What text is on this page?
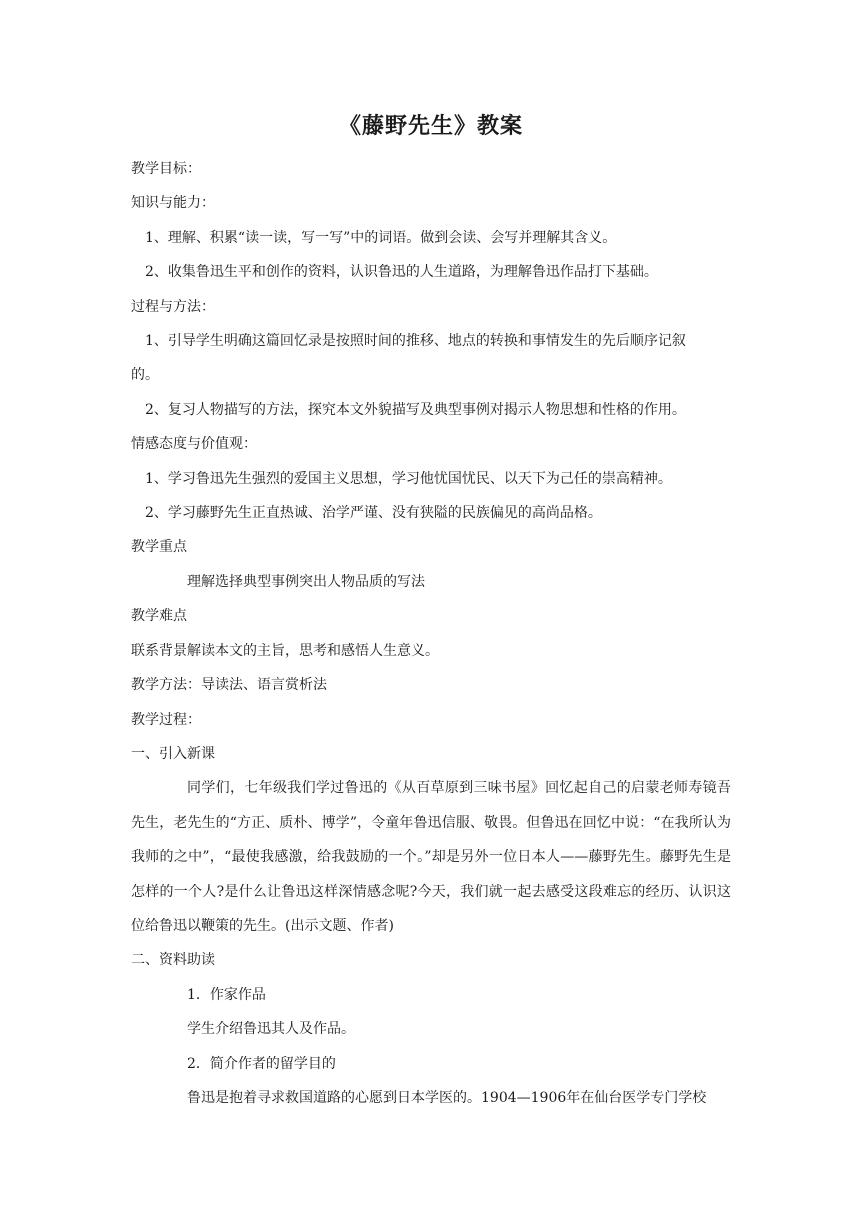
《藤野先生》教案

教学目标：

知识与能力：

1、理解、积累“读一读，写一写”中的词语。做到会读、会写并理解其含义。

2、收集鲁迅生平和创作的资料，认识鲁迅的人生道路，为理解鲁迅作品打下基础。

过程与方法：

1、引导学生明确这篇回忆录是按照时间的推移、地点的转换和事情发生的先后顺序记叙

的。

2、复习人物描写的方法，探究本文外貌描写及典型事例对揭示人物思想和性格的作用。

情感态度与价值观：

1、学习鲁迅先生强烈的爱国主义思想，学习他忧国忧民、以天下为己任的崇高精神。

2、学习藤野先生正直热诚、治学严谨、没有狭隘的民族偏见的高尚品格。

教学重点

理解选择典型事例突出人物品质的写法

教学难点

联系背景解读本文的主旨，思考和感悟人生意义。

教学方法：导读法、语言赏析法

教学过程：

一、引入新课

同学们，七年级我们学过鲁迅的《从百草原到三味书屋》回忆起自己的启蒙老师寿镜吾先生，老先生的“方正、质朴、博学”，令童年鲁迅信服、敬畏。但鲁迅在回忆中说：“在我所认为我师的之中”，“最使我感激，给我鼓励的一个。”却是另外一位日本人——藤野先生。藤野先生是怎样的一个人?是什么让鲁迅这样深情感念呢?今天，我们就一起去感受这段难忘的经历、认识这位给鲁迅以鞭策的先生。(出示文题、作者)

二、资料助读

1．作家作品

学生介绍鲁迅其人及作品。

2．简介作者的留学目的

鲁迅是抱着寻求救国道路的心愿到日本学医的。1904—1906年在仙台医学专门学校
